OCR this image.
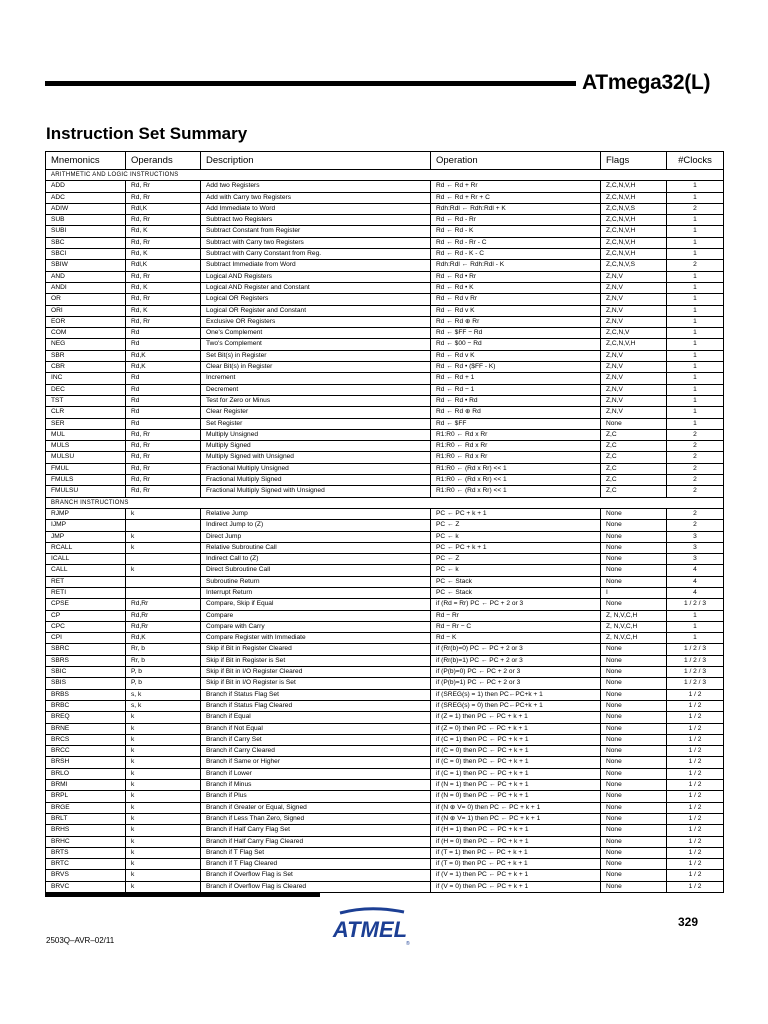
ATmega32(L)
Instruction Set Summary
Mnemonics	Operands	Description	Operation	Flags	#Clocks
ARITHMETIC AND LOGIC INSTRUCTIONS					
ADD	Rd, Rr	Add two Registers	Rd ← Rd + Rr	Z,C,N,V,H	1
ADC	Rd, Rr	Add with Carry two Registers	Rd ← Rd + Rr + C	Z,C,N,V,H	1
ADIW	Rdl,K	Add Immediate to Word	Rdh:Rdl ← Rdh:Rdl + K	Z,C,N,V,S	2
SUB	Rd, Rr	Subtract two Registers	Rd ← Rd - Rr	Z,C,N,V,H	1
SUBI	Rd, K	Subtract Constant from Register	Rd ← Rd - K	Z,C,N,V,H	1
SBC	Rd, Rr	Subtract with Carry two Registers	Rd ← Rd - Rr - C	Z,C,N,V,H	1
SBCI	Rd, K	Subtract with Carry Constant from Reg.	Rd ← Rd - K - C	Z,C,N,V,H	1
SBIW	Rdl,K	Subtract Immediate from Word	Rdh:Rdl ← Rdh:Rdl - K	Z,C,N,V,S	2
AND	Rd, Rr	Logical AND Registers	Rd ← Rd • Rr	Z,N,V	1
ANDI	Rd, K	Logical AND Register and Constant	Rd ← Rd • K	Z,N,V	1
OR	Rd, Rr	Logical OR Registers	Rd ← Rd v Rr	Z,N,V	1
ORI	Rd, K	Logical OR Register and Constant	Rd ← Rd v K	Z,N,V	1
EOR	Rd, Rr	Exclusive OR Registers	Rd ← Rd ⊕ Rr	Z,N,V	1
COM	Rd	One's Complement	Rd ← $FF − Rd	Z,C,N,V	1
NEG	Rd	Two's Complement	Rd ← $00 − Rd	Z,C,N,V,H	1
SBR	Rd,K	Set Bit(s) in Register	Rd ← Rd v K	Z,N,V	1
CBR	Rd,K	Clear Bit(s) in Register	Rd ← Rd • ($FF - K)	Z,N,V	1
INC	Rd	Increment	Rd ← Rd + 1	Z,N,V	1
DEC	Rd	Decrement	Rd ← Rd − 1	Z,N,V	1
TST	Rd	Test for Zero or Minus	Rd ← Rd • Rd	Z,N,V	1
CLR	Rd	Clear Register	Rd ← Rd ⊕ Rd	Z,N,V	1
SER	Rd	Set Register	Rd ← $FF	None	1
MUL	Rd, Rr	Multiply Unsigned	R1:R0 ← Rd x Rr	Z,C	2
MULS	Rd, Rr	Multiply Signed	R1:R0 ← Rd x Rr	Z,C	2
MULSU	Rd, Rr	Multiply Signed with Unsigned	R1:R0 ← Rd x Rr	Z,C	2
FMUL	Rd, Rr	Fractional Multiply Unsigned	R1:R0 ← (Rd x Rr) << 1	Z,C	2
FMULS	Rd, Rr	Fractional Multiply Signed	R1:R0 ← (Rd x Rr) << 1	Z,C	2
FMULSU	Rd, Rr	Fractional Multiply Signed with Unsigned	R1:R0 ← (Rd x Rr) << 1	Z,C	2
BRANCH INSTRUCTIONS					
RJMP	k	Relative Jump	PC ← PC + k + 1	None	2
IJMP		Indirect Jump to (Z)	PC ← Z	None	2
JMP	k	Direct Jump	PC ← k	None	3
RCALL	k	Relative Subroutine Call	PC ← PC + k + 1	None	3
ICALL		Indirect Call to (Z)	PC ← Z	None	3
CALL	k	Direct Subroutine Call	PC ← k	None	4
RET		Subroutine Return	PC ← Stack	None	4
RETI		Interrupt Return	PC ← Stack	I	4
CPSE	Rd,Rr	Compare, Skip if Equal	if (Rd = Rr) PC ← PC + 2 or 3	None	1 / 2 / 3
CP	Rd,Rr	Compare	Rd − Rr	Z, N,V,C,H	1
CPC	Rd,Rr	Compare with Carry	Rd − Rr − C	Z, N,V,C,H	1
CPI	Rd,K	Compare Register with Immediate	Rd − K	Z, N,V,C,H	1
SBRC	Rr, b	Skip if Bit in Register Cleared	if (Rr(b)=0) PC ← PC + 2 or 3	None	1 / 2 / 3
SBRS	Rr, b	Skip if Bit in Register is Set	if (Rr(b)=1) PC ← PC + 2 or 3	None	1 / 2 / 3
SBIC	P, b	Skip if Bit in I/O Register Cleared	if (P(b)=0) PC ← PC + 2 or 3	None	1 / 2 / 3
SBIS	P, b	Skip if Bit in I/O Register is Set	if (P(b)=1) PC ← PC + 2 or 3	None	1 / 2 / 3
BRBS	s, k	Branch if Status Flag Set	if (SREG(s) = 1) then PC←PC+k + 1	None	1 / 2
BRBC	s, k	Branch if Status Flag Cleared	if (SREG(s) = 0) then PC←PC+k + 1	None	1 / 2
BREQ	k	Branch if Equal	if (Z = 1) then PC ← PC + k + 1	None	1 / 2
BRNE	k	Branch if Not Equal	if (Z = 0) then PC ← PC + k + 1	None	1 / 2
BRCS	k	Branch if Carry Set	if (C = 1) then PC ← PC + k + 1	None	1 / 2
BRCC	k	Branch if Carry Cleared	if (C = 0) then PC ← PC + k + 1	None	1 / 2
BRSH	k	Branch if Same or Higher	if (C = 0) then PC ← PC + k + 1	None	1 / 2
BRLO	k	Branch if Lower	if (C = 1) then PC ← PC + k + 1	None	1 / 2
BRMI	k	Branch if Minus	if (N = 1) then PC ← PC + k + 1	None	1 / 2
BRPL	k	Branch if Plus	if (N = 0) then PC ← PC + k + 1	None	1 / 2
BRGE	k	Branch if Greater or Equal, Signed	if (N ⊕ V= 0) then PC ← PC + k + 1	None	1 / 2
BRLT	k	Branch if Less Than Zero, Signed	if (N ⊕ V= 1) then PC ← PC + k + 1	None	1 / 2
BRHS	k	Branch if Half Carry Flag Set	if (H = 1) then PC ← PC + k + 1	None	1 / 2
BRHC	k	Branch if Half Carry Flag Cleared	if (H = 0) then PC ← PC + k + 1	None	1 / 2
BRTS	k	Branch if T Flag Set	if (T = 1) then PC ← PC + k + 1	None	1 / 2
BRTC	k	Branch if T Flag Cleared	if (T = 0) then PC ← PC + k + 1	None	1 / 2
BRVS	k	Branch if Overflow Flag is Set	if (V = 1) then PC ← PC + k + 1	None	1 / 2
BRVC	k	Branch if Overflow Flag is Cleared	if (V = 0) then PC ← PC + k + 1	None	1 / 2
ATMEL
®
329
2503Q–AVR–02/11
